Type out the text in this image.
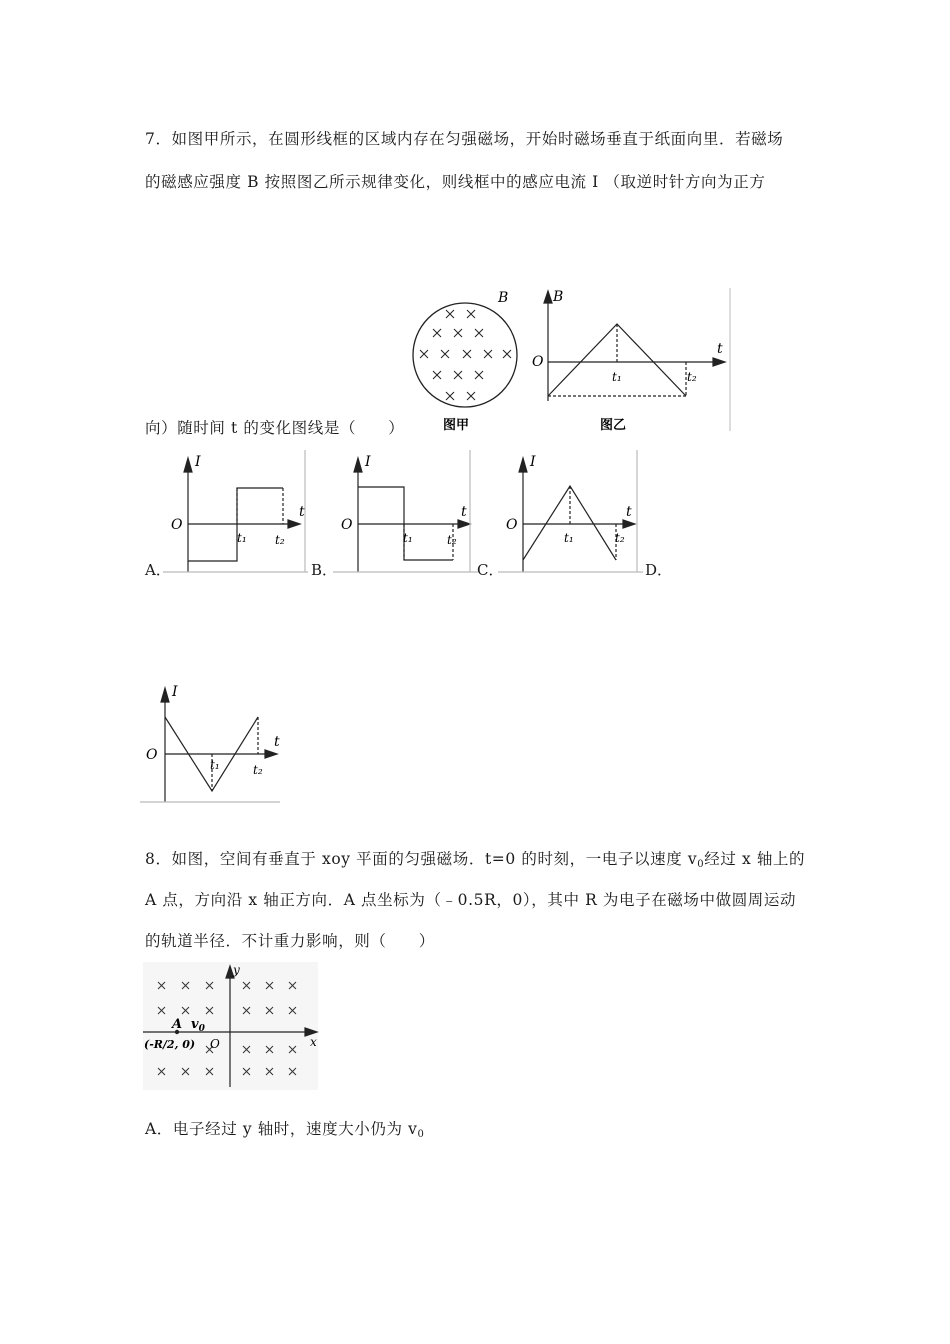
7．如图甲所示，在圆形线框的区域内存在匀强磁场，开始时磁场垂直于纸面向里．若磁场
的磁感应强度 B 按照图乙所示规律变化，则线框中的感应电流 I （取逆时针方向为正方
向）随时间 t 的变化图线是（　　）
B
图甲
B
t
O
t₁	t₂
图乙
A．	B．	C．	D．
I
t
O
t₁ t₂
I
t
O
t₁	t₂
I
t
O
t₁	t₂
I
t
O
t₁	t₂
8．如图，空间有垂直于 xoy 平面的匀强磁场．t=0 的时刻，一电子以速度 $v_0$经过 x 轴上的
A 点，方向沿 x 轴正方向．A 点坐标为（﹣0.5R，0），其中 R 为电子在磁场中做圆周运动
的轨道半径．不计重力影响，则（　　）
y
x
A $v_0$
O
(-R/2, 0)
A．电子经过 y 轴时，速度大小仍为 $v_0$
